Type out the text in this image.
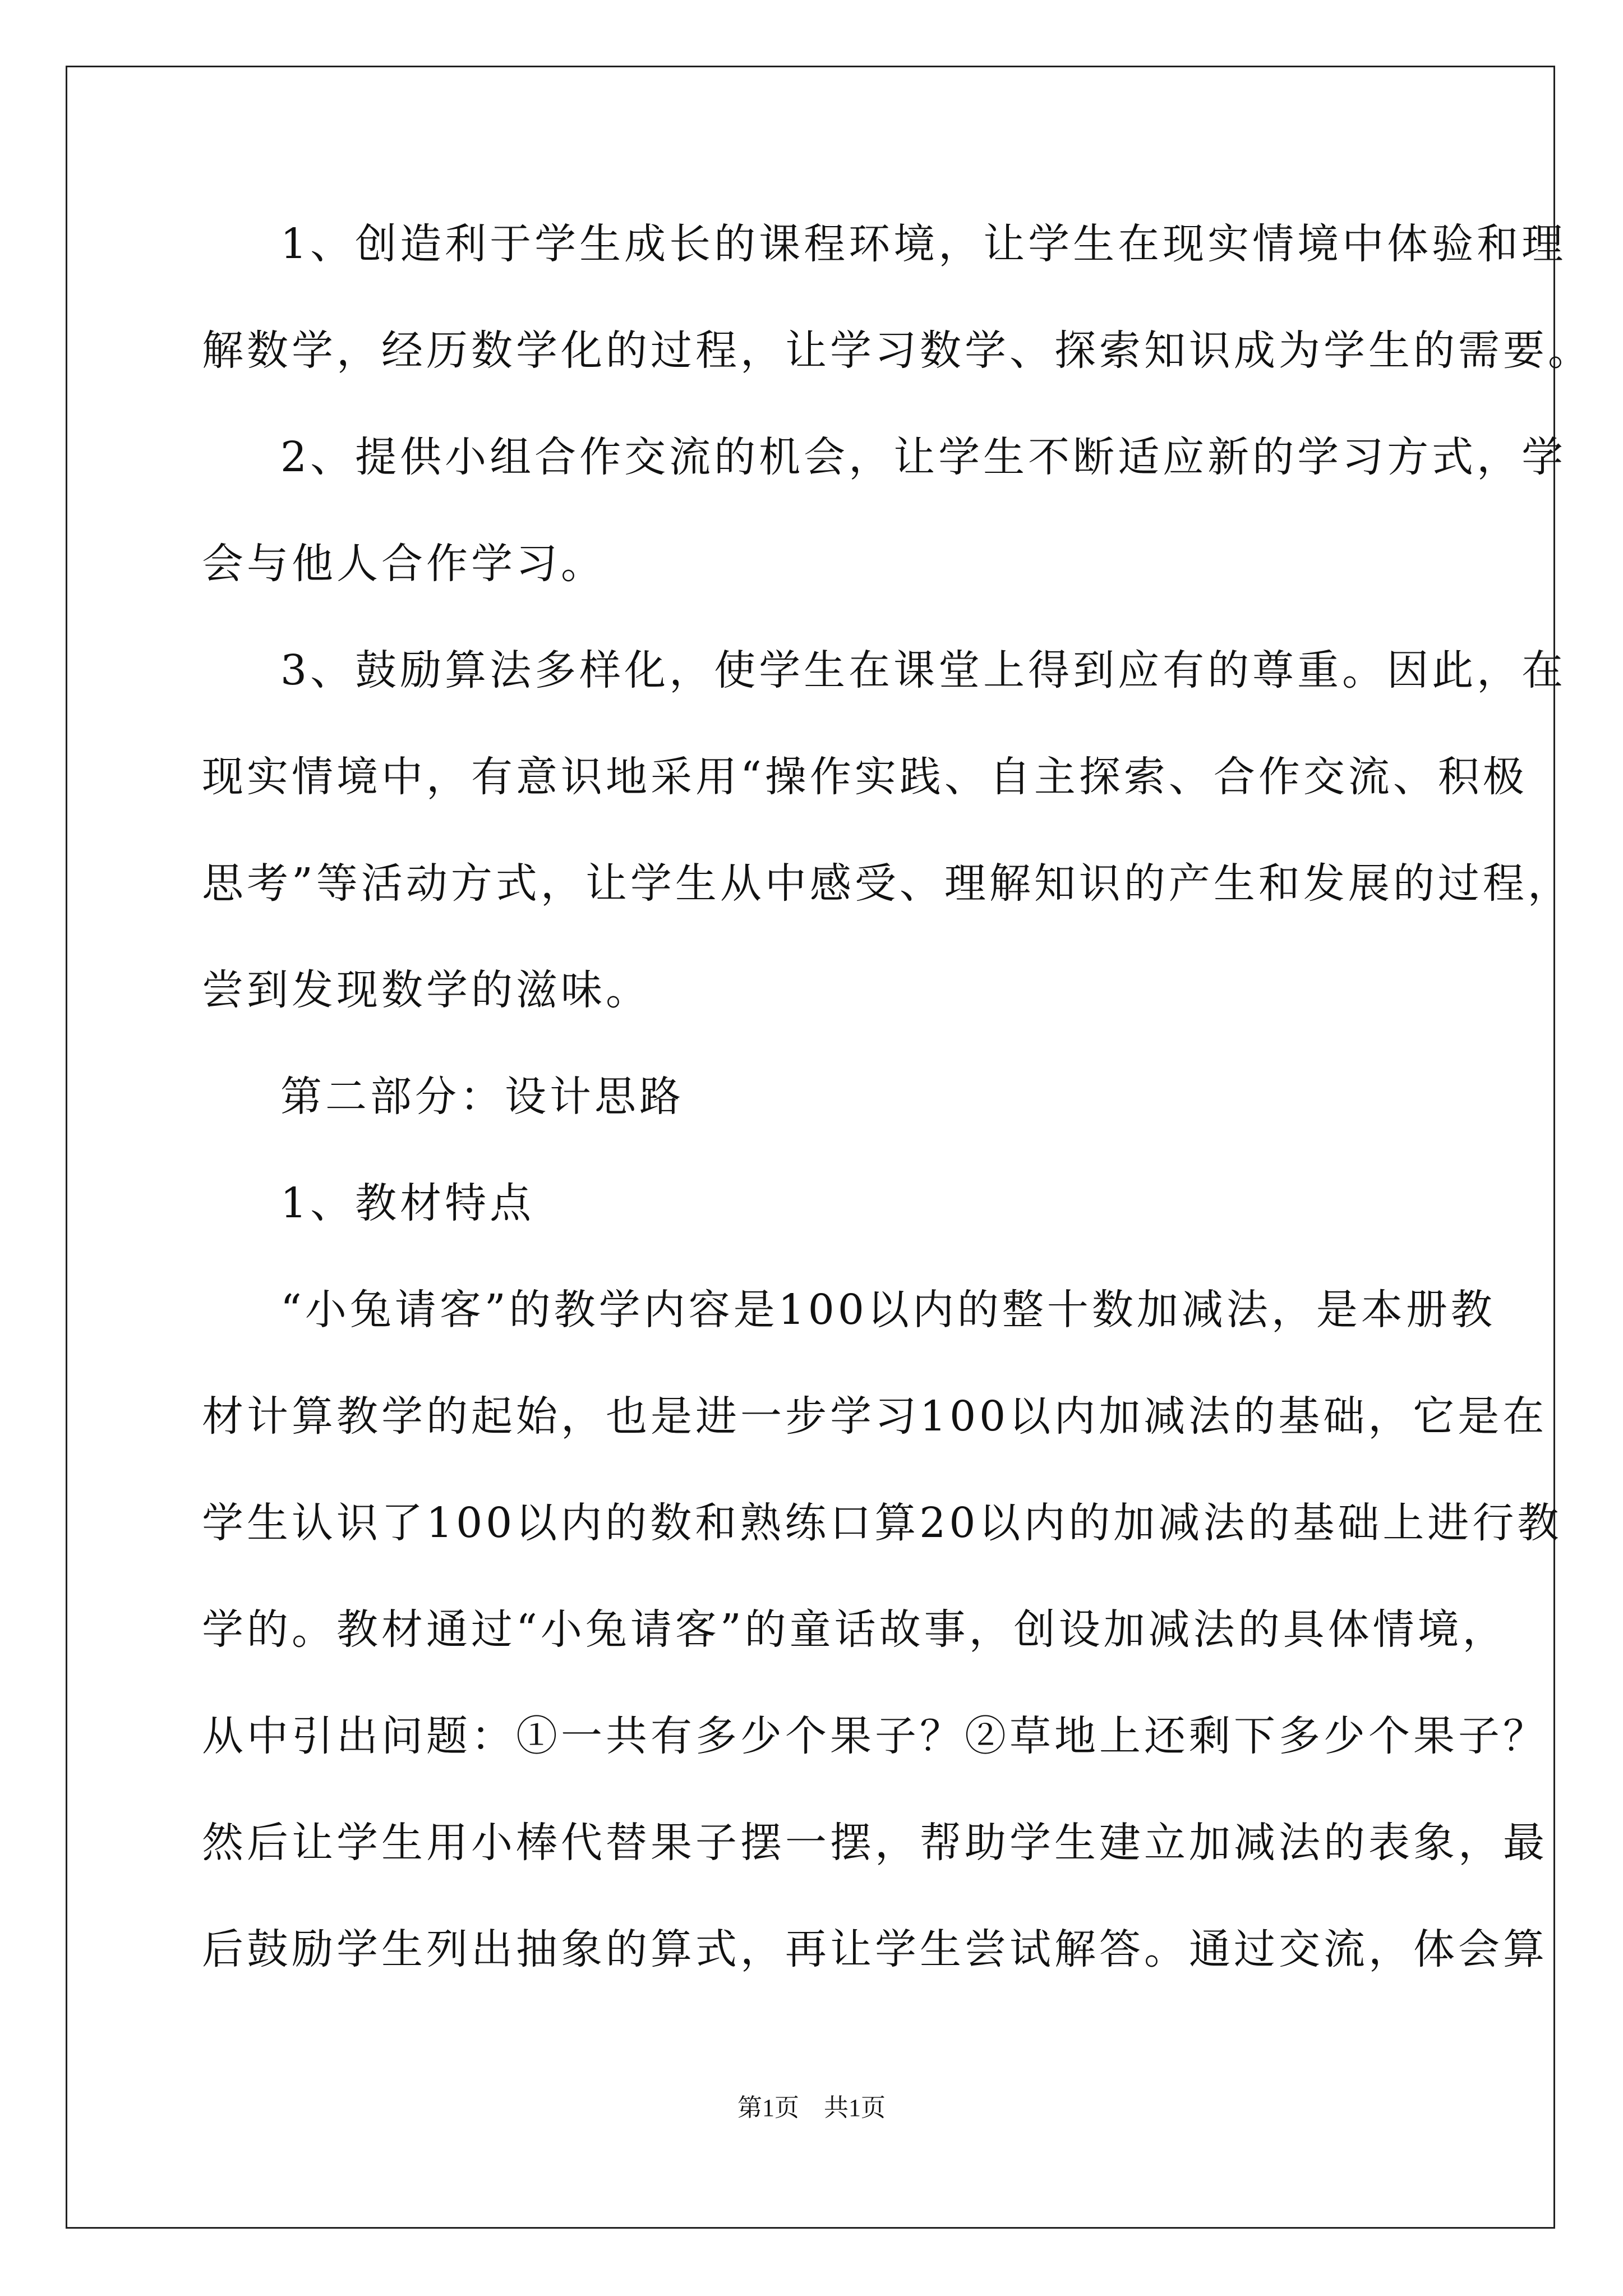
1、创造利于学生成长的课程环境，让学生在现实情境中体验和理
解数学，经历数学化的过程，让学习数学、探索知识成为学生的需要。
2、提供小组合作交流的机会，让学生不断适应新的学习方式，学
会与他人合作学习。
3、鼓励算法多样化，使学生在课堂上得到应有的尊重。因此，在
现实情境中，有意识地采用“操作实践、自主探索、合作交流、积极
思考”等活动方式，让学生从中感受、理解知识的产生和发展的过程，
尝到发现数学的滋味。
第二部分：设计思路
1、教材特点
“小兔请客”的教学内容是100以内的整十数加减法，是本册教
材计算教学的起始，也是进一步学习100以内加减法的基础，它是在
学生认识了100以内的数和熟练口算20以内的加减法的基础上进行教
学的。教材通过“小兔请客”的童话故事，创设加减法的具体情境，
从中引出问题：①一共有多少个果子？②草地上还剩下多少个果子？
然后让学生用小棒代替果子摆一摆，帮助学生建立加减法的表象，最
后鼓励学生列出抽象的算式，再让学生尝试解答。通过交流，体会算
第1页　共1页
